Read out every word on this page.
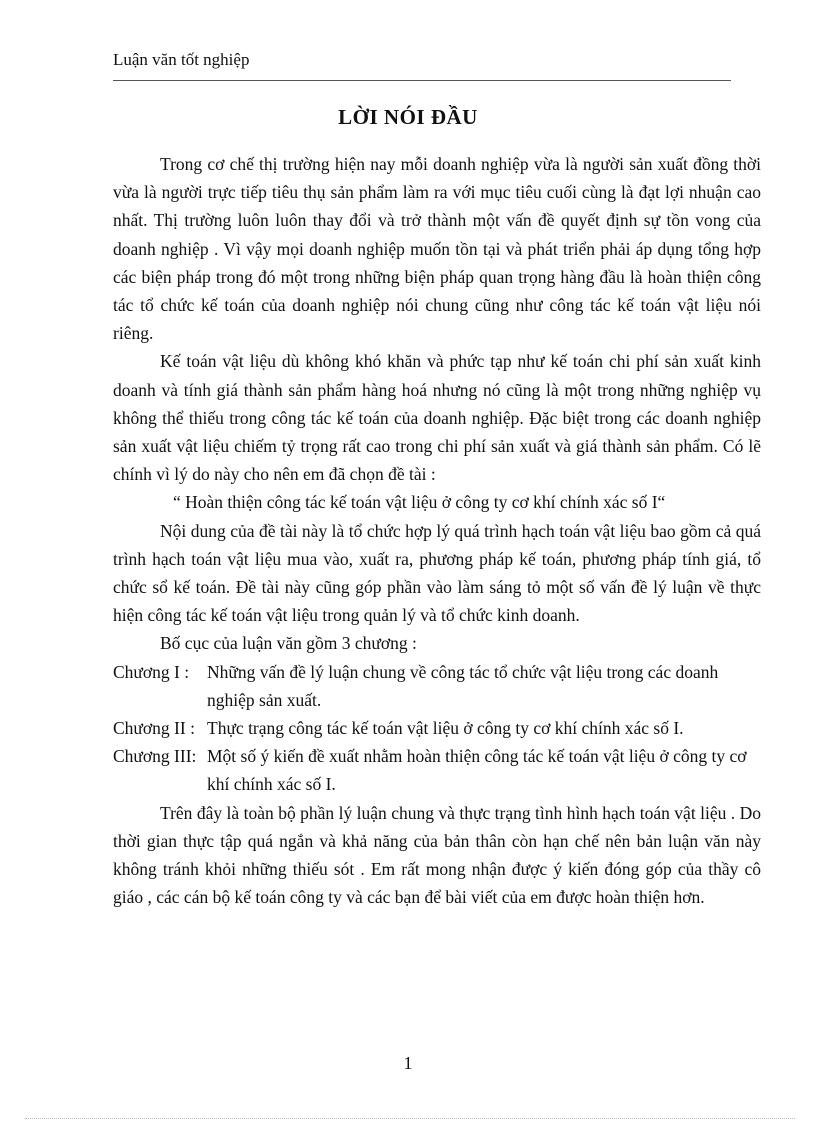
Luận văn tốt nghiệp
LỜI NÓI ĐẦU

Trong cơ chế thị trường hiện nay mỗi doanh nghiệp vừa là người sản xuất đồng thời vừa là người trực tiếp tiêu thụ sản phẩm làm ra với mục tiêu cuối cùng là đạt lợi nhuận cao nhất. Thị trường luôn luôn thay đổi và trở thành một vấn đề quyết định sự tồn vong của doanh nghiệp . Vì vậy mọi doanh nghiệp muốn tồn tại và phát triển phải áp dụng tổng hợp các biện pháp trong đó một trong những biện pháp quan trọng hàng đầu là hoàn thiện công tác tổ chức kế toán của doanh nghiệp nói chung cũng như công tác kế toán vật liệu nói riêng.

Kế toán vật liệu dù không khó khăn và phức tạp như kế toán chi phí sản xuất kinh doanh và tính giá thành sản phẩm hàng hoá nhưng nó cũng là một trong những nghiệp vụ không thể thiếu trong công tác kế toán của doanh nghiệp. Đặc biệt trong các doanh nghiệp sản xuất vật liệu chiếm tỷ trọng rất cao trong chi phí sản xuất và giá thành sản phẩm. Có lẽ chính vì lý do này cho nên em đã chọn đề tài :

“ Hoàn thiện công tác kế toán vật liệu ở công ty cơ khí chính xác số I“

Nội dung của đề tài này là tổ chức hợp lý quá trình hạch toán vật liệu bao gồm cả quá trình hạch toán vật liệu mua vào, xuất ra, phương pháp kế toán, phương pháp tính giá, tổ chức sổ kế toán. Đề tài này cũng góp phần vào làm sáng tỏ một số vấn đề lý luận về thực hiện công tác kế toán vật liệu trong quản lý và tổ chức kinh doanh.

Bố cục của luận văn gồm 3 chương :

Chương I :	Những vấn đề lý luận chung về công tác tổ chức vật liệu trong các doanh nghiệp sản xuất.
Chương II : Thực trạng công tác kế toán vật liệu ở công ty cơ khí chính xác số I.
Chương III: Một số ý kiến đề xuất nhằm hoàn thiện công tác kế toán vật liệu ở công ty cơ khí chính xác số I.

Trên đây là toàn bộ phần lý luận chung và thực trạng tình hình hạch toán vật liệu . Do thời gian thực tập quá ngắn và khả năng của bản thân còn hạn chế nên bản luận văn này không tránh khỏi những thiếu sót . Em rất mong nhận được ý kiến đóng góp của thầy cô giáo , các cán bộ kế toán công ty và các bạn để bài viết của em được hoàn thiện hơn.

1
